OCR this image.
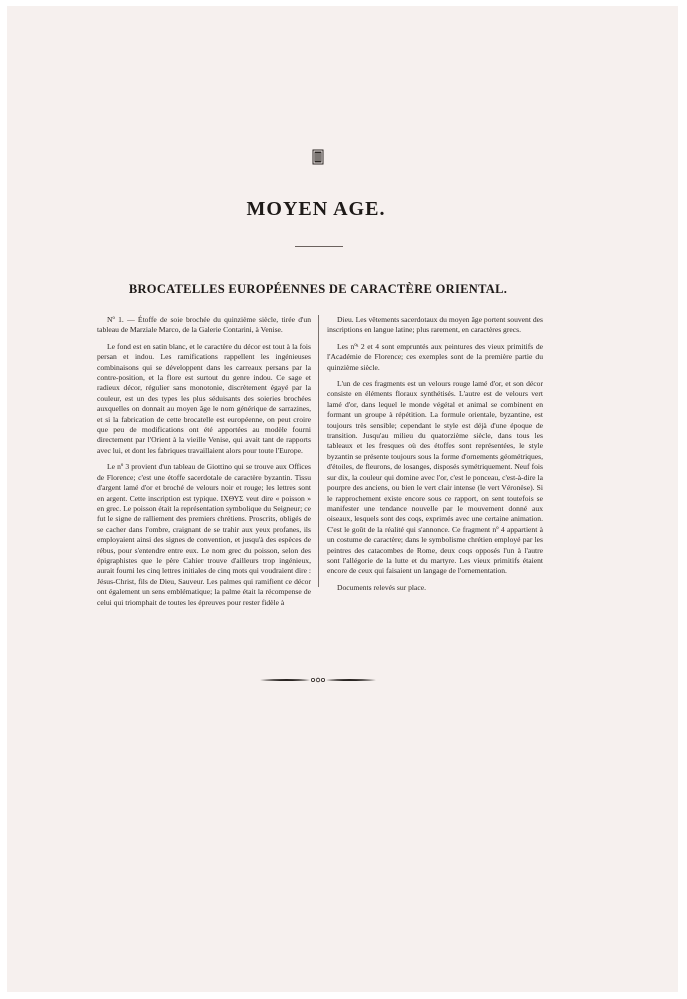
MOYEN AGE.
BROCATELLES EUROPÉENNES DE CARACTÈRE ORIENTAL.

Nº 1. — Étoffe de soie brochée du quinzième siècle, tirée d'un tableau de Marziale Marco, de la Galerie Contarini, à Venise.

Le fond est en satin blanc, et le caractère du décor est tout à la fois persan et indou. Les ramifications rappellent les ingénieuses combinaisons qui se développent dans les carreaux persans par la contre-position, et la flore est surtout du genre indou. Ce sage et radieux décor, régulier sans monotonie, discrètement égayé par la couleur, est un des types les plus séduisants des soieries brochées auxquelles on donnait au moyen âge le nom générique de sarrazines, et si la fabrication de cette brocatelle est européenne, on peut croire que peu de modifications ont été apportées au modèle fourni directement par l'Orient à la vieille Venise, qui avait tant de rapports avec lui, et dont les fabriques travaillaient alors pour toute l'Europe.

Le nº 3 provient d'un tableau de Giottino qui se trouve aux Offices de Florence; c'est une étoffe sacerdotale de caractère byzantin. Tissu d'argent lamé d'or et broché de velours noir et rouge; les lettres sont en argent. Cette inscription est typique. ΙΧΘΥΣ veut dire « poisson » en grec. Le poisson était la représentation symbolique du Seigneur; ce fut le signe de ralliement des premiers chrétiens. Proscrits, obligés de se cacher dans l'ombre, craignant de se trahir aux yeux profanes, ils employaient ainsi des signes de convention, et jusqu'à des espèces de rébus, pour s'entendre entre eux. Le nom grec du poisson, selon des épigraphistes que le père Cahier trouve d'ailleurs trop ingénieux, aurait fourni les cinq lettres initiales de cinq mots qui voudraient dire : Jésus-Christ, fils de Dieu, Sauveur. Les palmes qui ramifient ce décor ont également un sens emblématique; la palme était la récompense de celui qui triomphait de toutes les épreuves pour rester fidèle à

Dieu. Les vêtements sacerdotaux du moyen âge portent souvent des inscriptions en langue latine; plus rarement, en caractères grecs.

Les nºˢ 2 et 4 sont empruntés aux peintures des vieux primitifs de l'Académie de Florence; ces exemples sont de la première partie du quinzième siècle.

L'un de ces fragments est un velours rouge lamé d'or, et son décor consiste en éléments floraux synthétisés. L'autre est de velours vert lamé d'or, dans lequel le monde végétal et animal se combinent en formant un groupe à répétition. La formule orientale, byzantine, est toujours très sensible; cependant le style est déjà d'une époque de transition. Jusqu'au milieu du quatorzième siècle, dans tous les tableaux et les fresques où des étoffes sont représentées, le style byzantin se présente toujours sous la forme d'ornements géométriques, d'étoiles, de fleurons, de losanges, disposés symétriquement. Neuf fois sur dix, la couleur qui domine avec l'or, c'est le ponceau, c'est-à-dire la pourpre des anciens, ou bien le vert clair intense (le vert Véronèse). Si le rapprochement existe encore sous ce rapport, on sent toutefois se manifester une tendance nouvelle par le mouvement donné aux oiseaux, lesquels sont des coqs, exprimés avec une certaine animation. C'est le goût de la réalité qui s'annonce. Ce fragment nº 4 appartient à un costume de caractère; dans le symbolisme chrétien employé par les peintres des catacombes de Rome, deux coqs opposés l'un à l'autre sont l'allégorie de la lutte et du martyre. Les vieux primitifs étaient encore de ceux qui faisaient un langage de l'ornementation.

Documents relevés sur place.
